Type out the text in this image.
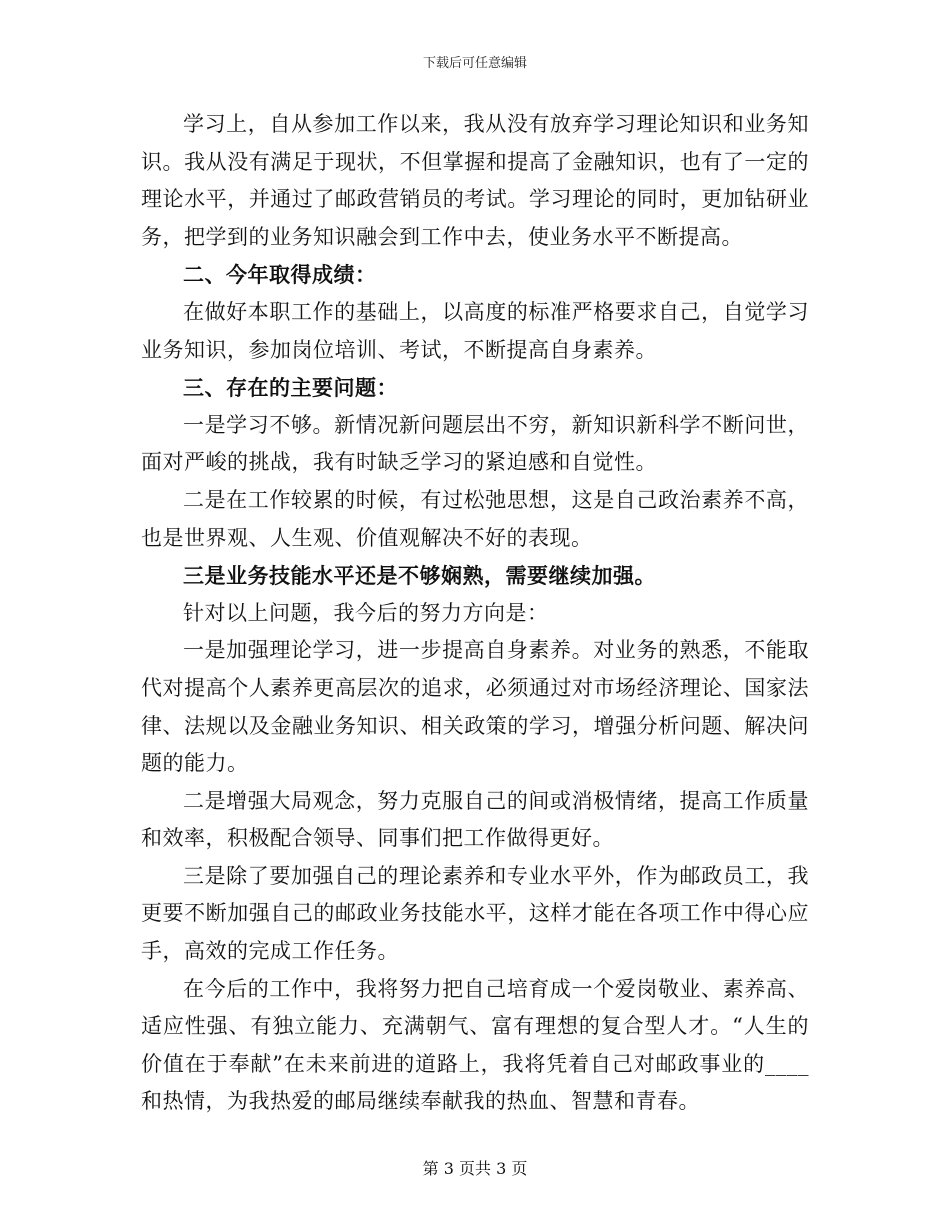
下载后可任意编辑

学习上，自从参加工作以来，我从没有放弃学习理论知识和业务知识。我从没有满足于现状，不但掌握和提高了金融知识，也有了一定的理论水平，并通过了邮政营销员的考试。学习理论的同时，更加钻研业务，把学到的业务知识融会到工作中去，使业务水平不断提高。

二、今年取得成绩：

在做好本职工作的基础上，以高度的标准严格要求自己，自觉学习业务知识，参加岗位培训、考试，不断提高自身素养。

三、存在的主要问题：

一是学习不够。新情况新问题层出不穷，新知识新科学不断问世，面对严峻的挑战，我有时缺乏学习的紧迫感和自觉性。

二是在工作较累的时候，有过松弛思想，这是自己政治素养不高，也是世界观、人生观、价值观解决不好的表现。

三是业务技能水平还是不够娴熟，需要继续加强。

针对以上问题，我今后的努力方向是：

一是加强理论学习，进一步提高自身素养。对业务的熟悉，不能取代对提高个人素养更高层次的追求，必须通过对市场经济理论、国家法律、法规以及金融业务知识、相关政策的学习，增强分析问题、解决问题的能力。

二是增强大局观念，努力克服自己的间或消极情绪，提高工作质量和效率，积极配合领导、同事们把工作做得更好。

三是除了要加强自己的理论素养和专业水平外，作为邮政员工，我更要不断加强自己的邮政业务技能水平，这样才能在各项工作中得心应手，高效的完成工作任务。

在今后的工作中，我将努力把自己培育成一个爱岗敬业、素养高、适应性强、有独立能力、充满朝气、富有理想的复合型人才。“人生的价值在于奉献”在未来前进的道路上，我将凭着自己对邮政事业的____和热情，为我热爱的邮局继续奉献我的热血、智慧和青春。

第 3 页共 3 页
